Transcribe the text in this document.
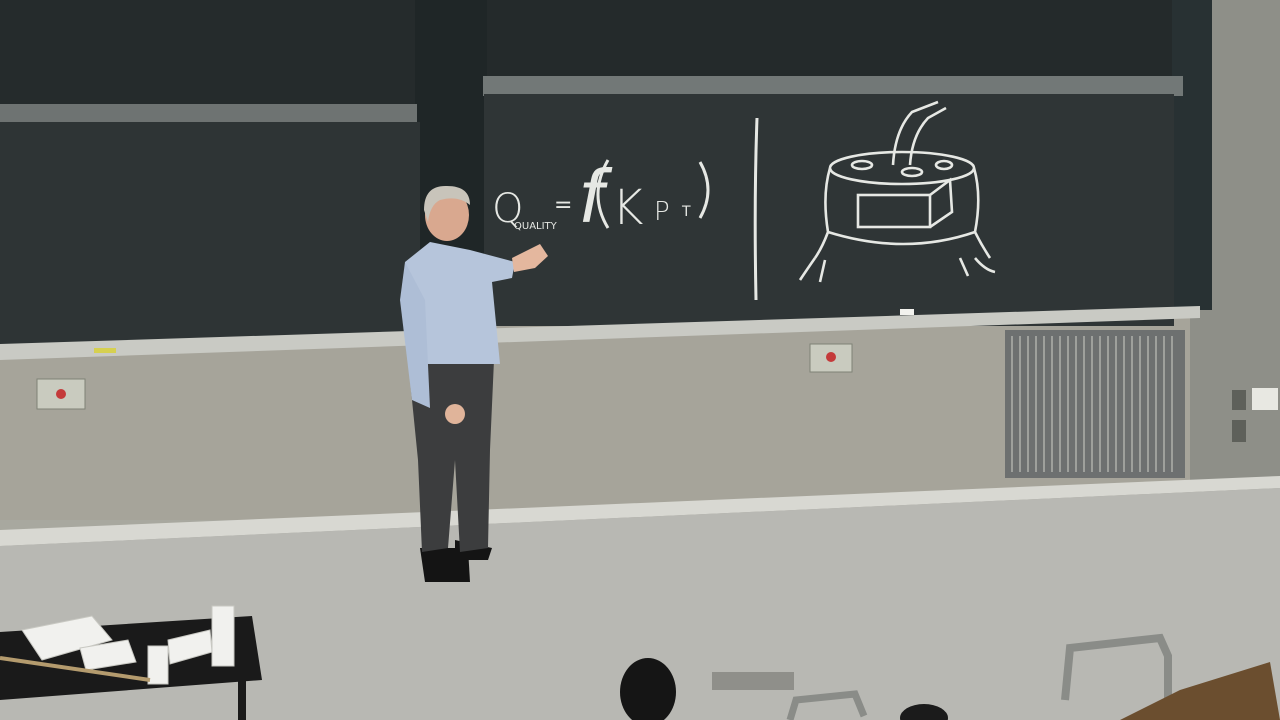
Q
QUALITY
= f K P T
